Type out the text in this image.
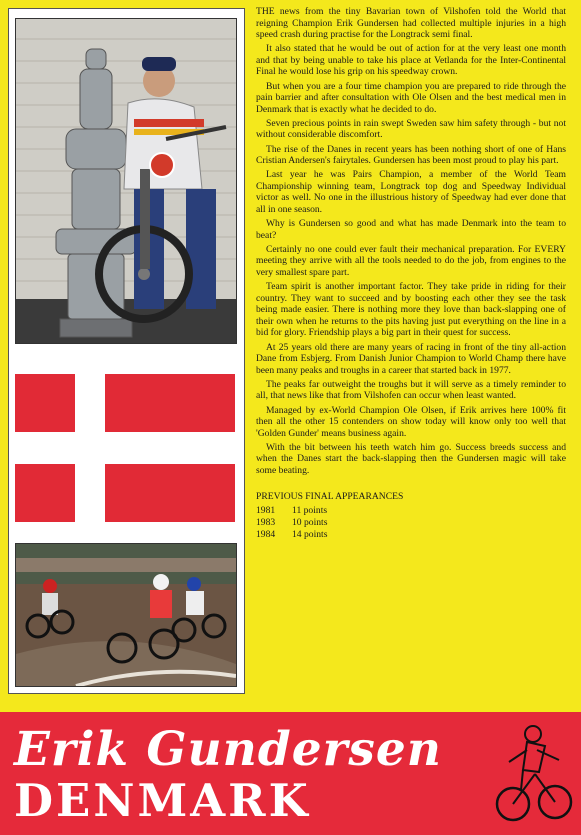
THE news from the tiny Bavarian town of Vilshofen told the World that reigning Champion Erik Gundersen had collected multiple injuries in a high speed crash during practise for the Longtrack semi final.

It also stated that he would be out of action for at the very least one month and that by being unable to take his place at Vetlanda for the Inter-Continental Final he would lose his grip on his speedway crown.

But when you are a four time champion you are prepared to ride through the pain barrier and after consultation with Ole Olsen and the best medical men in Denmark that is exactly what he decided to do.

Seven precious points in rain swept Sweden saw him safety through - but not without considerable discomfort.

The rise of the Danes in recent years has been nothing short of one of Hans Cristian Andersen's fairytales. Gundersen has been most proud to play his part.

Last year he was Pairs Champion, a member of the World Team Championship winning team, Longtrack top dog and Speedway Individual victor as well. No one in the illustrious history of Speedway had ever done that all in one season.

Why is Gundersen so good and what has made Denmark into the team to beat?

Certainly no one could ever fault their mechanical preparation. For EVERY meeting they arrive with all the tools needed to do the job, from engines to the very smallest spare part.

Team spirit is another important factor. They take pride in riding for their country. They want to succeed and by boosting each other they see the task being made easier. There is nothing more they love than back-slapping one of their own when he returns to the pits having just put everything on the line in a bid for glory. Friendship plays a big part in their quest for success.

At 25 years old there are many years of racing in front of the tiny all-action Dane from Esbjerg. From Danish Junior Champion to World Champ there have been many peaks and troughs in a career that started back in 1977.

The peaks far outweight the troughs but it will serve as a timely reminder to all, that news like that from Vilshofen can occur when least wanted.

Managed by ex-World Champion Ole Olsen, if Erik arrives here 100% fit then all the other 15 contenders on show today will know only too well that 'Golden Gunder' means business again.

With the bit between his teeth watch him go. Success breeds success and when the Danes start the back-slapping then the Gundersen magic will take some beating.

PREVIOUS FINAL APPEARANCES
1981	11 points
1983	10 points
1984	14 points
Erik Gundersen
DENMARK
